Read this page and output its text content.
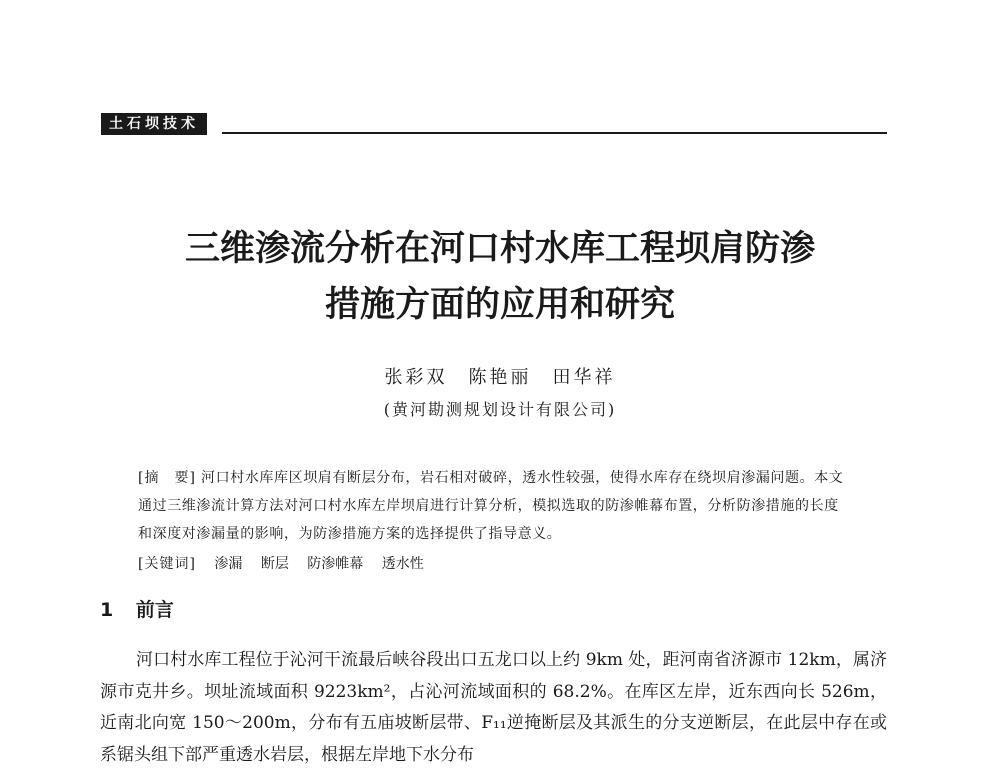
土石坝技术
三维渗流分析在河口村水库工程坝肩防渗
措施方面的应用和研究
张彩双　陈艳丽　田华祥
(黄河勘测规划设计有限公司)
[摘　要] 河口村水库库区坝肩有断层分布，岩石相对破碎，透水性较强，使得水库存在绕坝肩渗漏问题。本文通过三维渗流计算方法对河口村水库左岸坝肩进行计算分析，模拟选取的防渗帷幕布置，分析防渗措施的长度和深度对渗漏量的影响，为防渗措施方案的选择提供了指导意义。
[关键词] 渗漏 断层 防渗帷幕 透水性
1 前言
河口村水库工程位于沁河干流最后峡谷段出口五龙口以上约 9km 处，距河南省济源市 12km，属济源市克井乡。坝址流域面积 9223km²，占沁河流域面积的 68.2%。在库区左岸，近东西向长 526m，近南北向宽 150～200m，分布有五庙坡断层带、F₁₁逆掩断层及其派生的分支逆断层，在此层中存在或系锯头组下部严重透水岩层，根据左岸地下水分布
